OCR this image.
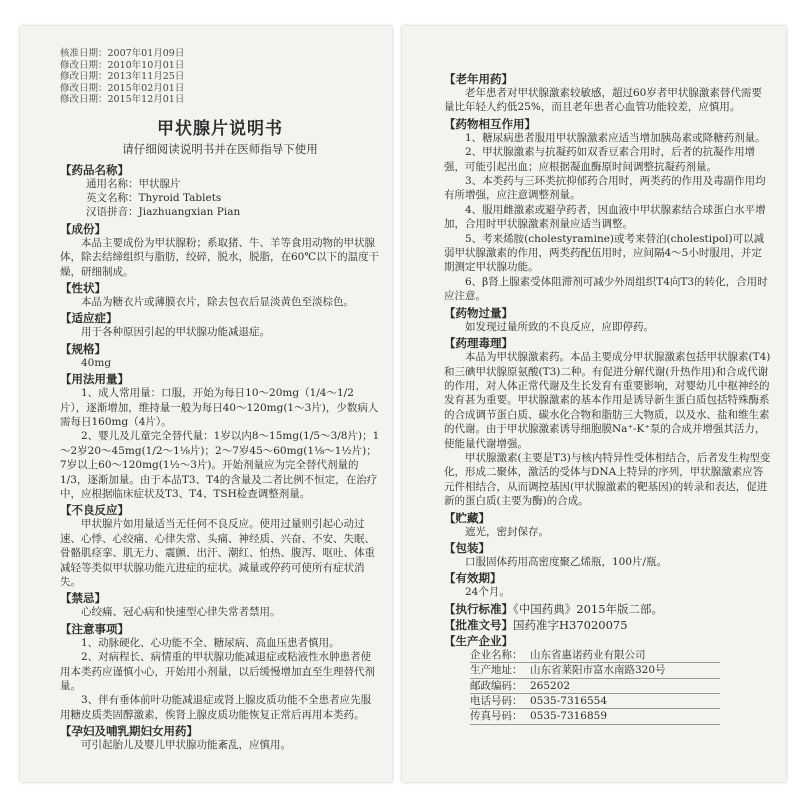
核准日期：2007年01月09日
修改日期：2010年10月01日
修改日期：2013年11月25日
修改日期：2015年02月01日
修改日期：2015年12月01日
甲状腺片说明书
请仔细阅读说明书并在医师指导下使用
【药品名称】
通用名称：甲状腺片
英文名称：Thyroid Tablets
汉语拼音：Jiazhuangxian Pian
【成份】
本品主要成份为甲状腺粉；系取猪、牛、羊等食用动物的甲状腺体，除去结缔组织与脂肪，绞碎，脱水，脱脂，在60℃以下的温度干燥，研细制成。
【性状】
本品为糖衣片或薄膜衣片，除去包衣后显淡黄色至淡棕色。
【适应症】
用于各种原因引起的甲状腺功能减退症。
【规格】
40mg
【用法用量】
1、成人常用量：口服，开始为每日10～20mg（1/4～1/2 片），逐渐增加，维持量一般为每日40～120mg(1～3片)，少数病人需每日160mg（4片）。
2、婴儿及儿童完全替代量：1岁以内8～15mg(1/5～3/8片)；1～2岁20～45mg(1/2～1⅛片)；2～7岁45～60mg(1⅛～1½片)；7岁以上60～120mg(1½～3片)。开始剂量应为完全替代剂量的1/3，逐渐加量。由于本品T3、T4的含量及二者比例不恒定，在治疗中，应根据临床症状及T3、T4、TSH检查调整剂量。
【不良反应】
甲状腺片如用量适当无任何不良反应。使用过量则引起心动过速、心悸、心绞痛、心律失常、头痛、神经质、兴奋、不安、失眠、骨骼肌痉挛、肌无力、震颤、出汗、潮红、怕热、腹泻、呕吐、体重减轻等类似甲状腺功能亢进症的症状。减量或停药可使所有症状消失。
【禁忌】
心绞痛、冠心病和快速型心律失常者禁用。
【注意事项】
1、动脉硬化、心功能不全、糖尿病、高血压患者慎用。
2、对病程长、病情重的甲状腺功能减退症或粘液性水肿患者使用本类药应谨慎小心，开始用小剂量，以后缓慢增加直至生理替代剂量。
3、伴有垂体前叶功能减退症或肾上腺皮质功能不全患者应先服用糖皮质类固醇激素，俟肾上腺皮质功能恢复正常后再用本类药。
【孕妇及哺乳期妇女用药】
可引起胎儿及婴儿甲状腺功能紊乱，应慎用。
【老年用药】
老年患者对甲状腺激素较敏感，超过60岁者甲状腺激素替代需要量比年轻人约低25%，而且老年患者心血管功能较差，应慎用。
【药物相互作用】
1、糖尿病患者服用甲状腺激素应适当增加胰岛素或降糖药剂量。
2、甲状腺激素与抗凝药如双香豆素合用时，后者的抗凝作用增强，可能引起出血；应根据凝血酶原时间调整抗凝药剂量。
3、本类药与三环类抗抑郁药合用时，两类药的作用及毒副作用均有所增强，应注意调整剂量。
4、服用雌激素或避孕药者，因血液中甲状腺素结合球蛋白水平增加，合用时甲状腺激素剂量应适当调整。
5、考来烯胺(cholestyramine)或考来替泊(cholestipol)可以减弱甲状腺激素的作用，两类药配伍用时，应间隔4～5小时服用，并定期测定甲状腺功能。
6、β肾上腺素受体阻滞剂可减少外周组织T4向T3的转化，合用时应注意。
【药物过量】
如发现过量所致的不良反应，应即停药。
【药理毒理】
本品为甲状腺激素药。本品主要成分甲状腺激素包括甲状腺素(T4)和三碘甲状腺原氨酸(T3)二种。有促进分解代谢(升热作用)和合成代谢的作用，对人体正常代谢及生长发育有重要影响，对婴幼儿中枢神经的发育甚为重要。甲状腺激素的基本作用是诱导新生蛋白质包括特殊酶系的合成调节蛋白质、碳水化合物和脂肪三大物质，以及水、盐和维生素的代谢。由于甲状腺激素诱导细胞膜Na⁺-K⁺泵的合成并增强其活力，使能量代谢增强。
甲状腺激素(主要是T3)与核内特异性受体相结合，后者发生构型变化，形成二聚体，激活的受体与DNA上特异的序列，甲状腺激素应答元件相结合，从而调控基因(甲状腺激素的靶基因)的转录和表达，促进新的蛋白质(主要为酶)的合成。
【贮藏】
遮光，密封保存。
【包装】
口服固体药用高密度聚乙烯瓶，100片/瓶。
【有效期】
24个月。
【执行标准】《中国药典》2015年版二部。
【批准文号】国药准字H37020075
【生产企业】
企业名称： 山东省惠诺药业有限公司
生产地址： 山东省莱阳市富水南路320号
邮政编码： 265202
电话号码： 0535-7316554
传真号码： 0535-7316859
